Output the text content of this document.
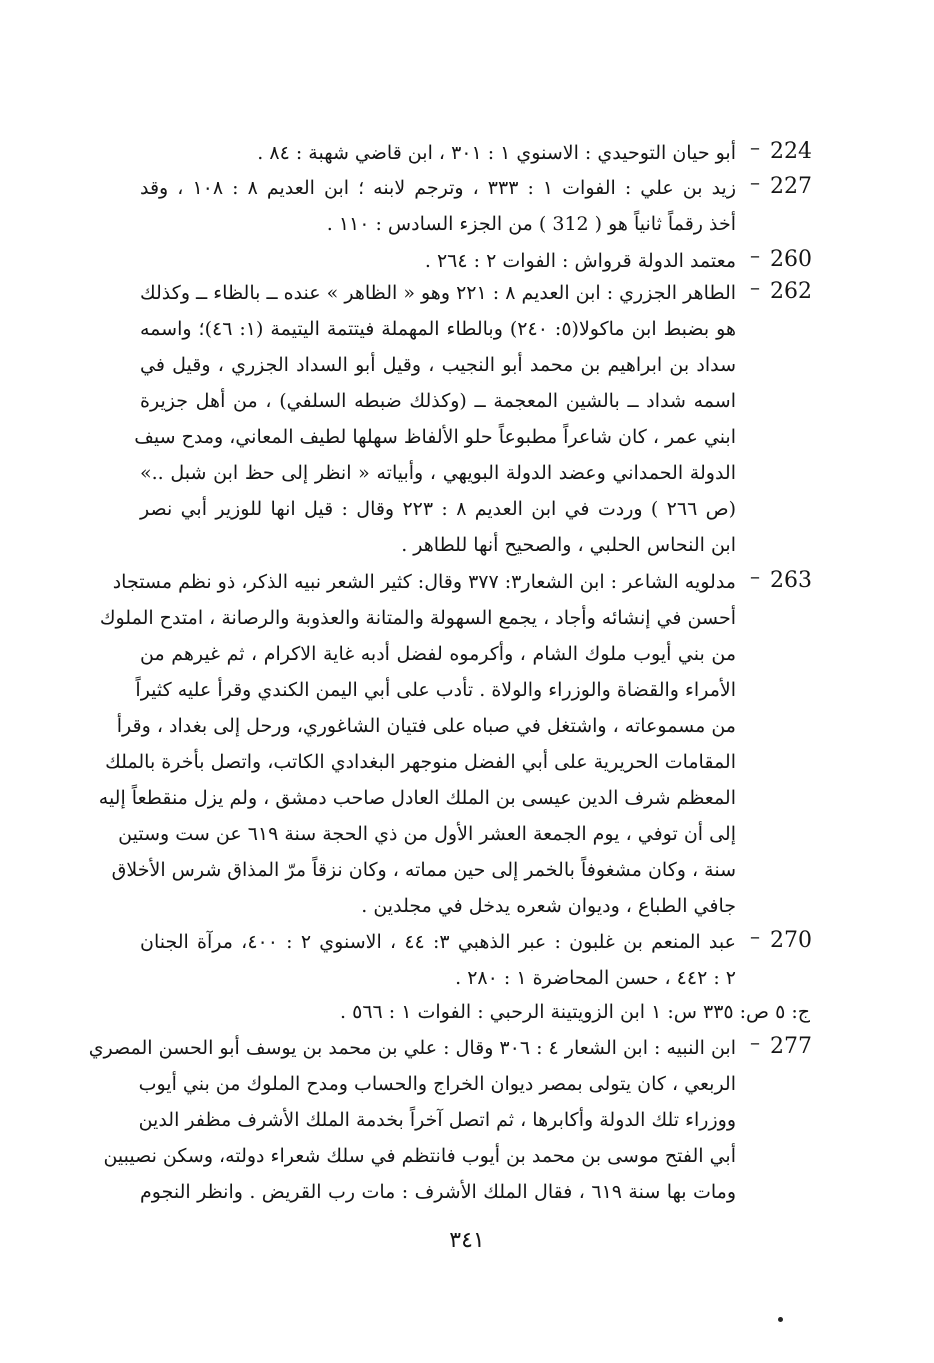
224
–
أبو حيان التوحيدي : الاسنوي ١ : ٣٠١ ، ابن قاضي شهبة : ٨٤ .
227
–
زيد بن علي : الفوات ١ : ٣٣٣ ، وترجم لابنه ؛ ابن العديم ٨ : ١٠٨ ، وقد
أخذ رقماً ثانياً هو ( 312 ) من الجزء السادس : ١١٠ .
260
–
معتمد الدولة قرواش : الفوات ٢ : ٢٦٤ .
262
–
الطاهر الجزري : ابن العديم ٨ : ٢٢١ وهو « الظاهر » عنده ــ بالظاء ــ وكذلك
هو بضبط ابن ماكولا(٥: ٢٤٠) وبالطاء المهملة فيتتمة اليتيمة (١: ٤٦)؛ واسمه
سداد بن ابراهيم بن محمد أبو النجيب ، وقيل أبو السداد الجزري ، وقيل في
اسمه شداد ــ بالشين المعجمة ــ (وكذلك ضبطه السلفي) ، من أهل جزيرة
ابني عمر ، كان شاعراً مطبوعاً حلو الألفاظ سهلها لطيف المعاني، ومدح سيف
الدولة الحمداني وعضد الدولة البويهي ، وأبياته « انظر إلى حظ ابن شبل ..»
(ص ٢٦٦ ) وردت في ابن العديم ٨ : ٢٢٣ وقال : قيل انها للوزير أبي نصر
ابن النحاس الحلبي ، والصحيح أنها للطاهر .
263
–
مدلويه الشاعر : ابن الشعار٣: ٣٧٧ وقال: كثير الشعر نبيه الذكر، ذو نظم مستجاد
أحسن في إنشائه وأجاد ، يجمع السهولة والمتانة والعذوبة والرصانة ، امتدح الملوك
من بني أيوب ملوك الشام ، وأكرموه لفضل أدبه غاية الاكرام ، ثم غيرهم من
الأمراء والقضاة والوزراء والولاة . تأدب على أبي اليمن الكندي وقرأ عليه كثيراً
من مسموعاته ، واشتغل في صباه على فتيان الشاغوري، ورحل إلى بغداد ، وقرأ
المقامات الحريرية على أبي الفضل منوجهر البغدادي الكاتب، واتصل بأخرة بالملك
المعظم شرف الدين عيسى بن الملك العادل صاحب دمشق ، ولم يزل منقطعاً إليه
إلى أن توفي ، يوم الجمعة العشر الأول من ذي الحجة سنة ٦١٩ عن ست وستين
سنة ، وكان مشغوفاً بالخمر إلى حين مماته ، وكان نزقاً مرّ المذاق شرس الأخلاق
جافي الطباع ، وديوان شعره يدخل في مجلدين .
270
–
عبد المنعم بن غلبون : عبر الذهبي ٣: ٤٤ ، الاسنوي ٢ : ٤٠٠، مرآة الجنان
٢ : ٤٤٢ ، حسن المحاضرة ١ : ٢٨٠ .
ج: ٥ ص: ٣٣٥ س: ١ ابن الزويتينة الرحبي : الفوات ١ : ٥٦٦ .
277
–
ابن النبيه : ابن الشعار ٤ : ٣٠٦ وقال : علي بن محمد بن يوسف أبو الحسن المصري
الربعي ، كان يتولى بمصر ديوان الخراج والحساب ومدح الملوك من بني أيوب
ووزراء تلك الدولة وأكابرها ، ثم اتصل آخراً بخدمة الملك الأشرف مظفر الدين
أبي الفتح موسى بن محمد بن أيوب فانتظم في سلك شعراء دولته، وسكن نصيبين
ومات بها سنة ٦١٩ ، فقال الملك الأشرف : مات رب القريض . وانظر النجوم
٣٤١
